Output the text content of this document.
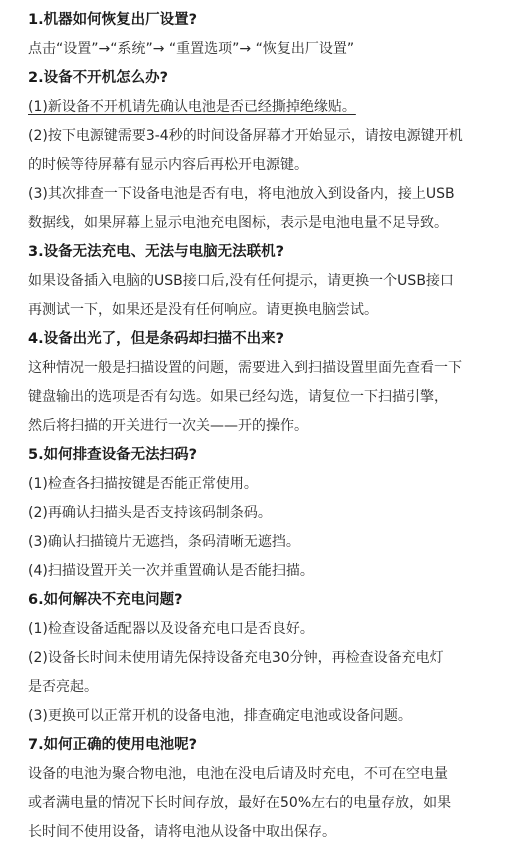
1.机器如何恢复出厂设置?

点击“设置”→“系统”→ “重置选项”→ “恢复出厂设置”

2.设备不开机怎么办?

(1)新设备不开机请先确认电池是否已经撕掉绝缘贴。

(2)按下电源键需要3-4秒的时间设备屏幕才开始显示，请按电源键开机

的时候等待屏幕有显示内容后再松开电源键。

(3)其次排查一下设备电池是否有电，将电池放入到设备内，接上USB

数据线，如果屏幕上显示电池充电图标，表示是电池电量不足导致。

3.设备无法充电、无法与电脑无法联机?

如果设备插入电脑的USB接口后,没有任何提示，请更换一个USB接口

再测试一下，如果还是没有任何响应。请更换电脑尝试。

4.设备出光了，但是条码却扫描不出来?

这种情况一般是扫描设置的问题，需要进入到扫描设置里面先查看一下

键盘输出的选项是否有勾选。如果已经勾选，请复位一下扫描引擎，

然后将扫描的开关进行一次关——开的操作。

5.如何排查设备无法扫码?

(1)检查各扫描按键是否能正常使用。

(2)再确认扫描头是否支持该码制条码。

(3)确认扫描镜片无遮挡，条码清晰无遮挡。

(4)扫描设置开关一次并重置确认是否能扫描。

6.如何解决不充电问题?

(1)检查设备适配器以及设备充电口是否良好。

(2)设备长时间未使用请先保持设备充电30分钟，再检查设备充电灯

是否亮起。

(3)更换可以正常开机的设备电池，排查确定电池或设备问题。

7.如何正确的使用电池呢?

设备的电池为聚合物电池，电池在没电后请及时充电，不可在空电量

或者满电量的情况下长时间存放，最好在50%左右的电量存放，如果

长时间不使用设备，请将电池从设备中取出保存。
